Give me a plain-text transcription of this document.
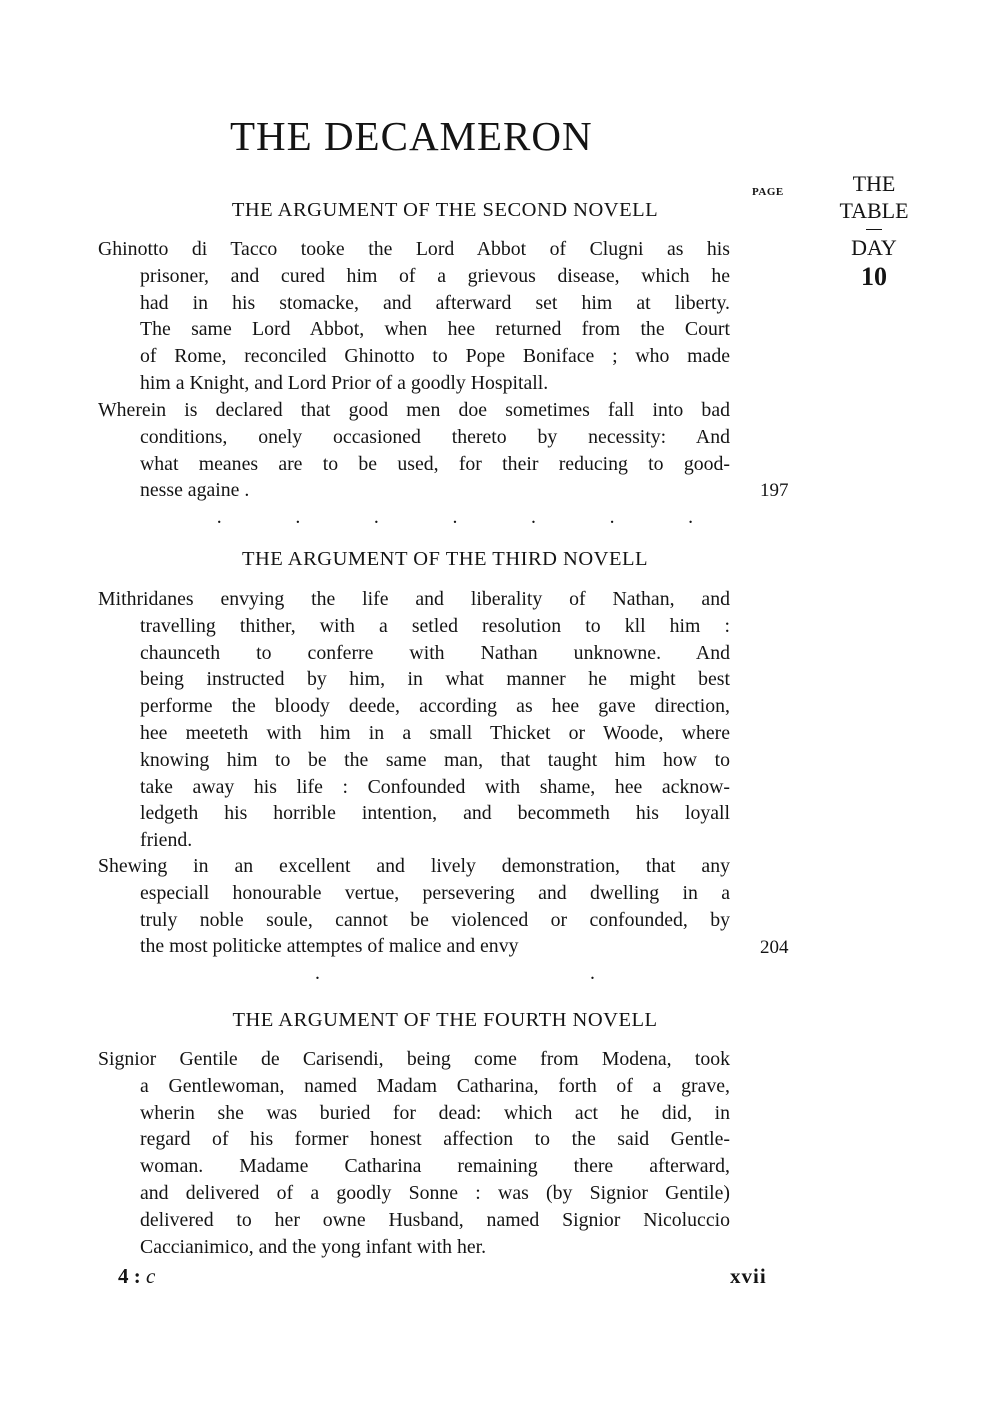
THE DECAMERON
PAGE	THE
TABLE
DAY
10
THE ARGUMENT OF THE SECOND NOVELL
Ghinotto di Tacco tooke the Lord Abbot of Clugni as his
prisoner, and cured him of a grievous disease, which he
had in his stomacke, and afterward set him at liberty.
The same Lord Abbot, when hee returned from the Court
of Rome, reconciled Ghinotto to Pope Boniface ; who made
him a Knight, and Lord Prior of a goodly Hospitall.
Wherein is declared that good men doe sometimes fall into bad
conditions, onely occasioned thereto by necessity: And
what meanes are to be used, for their reducing to good-
nesse againe .
.	.	.	.	.	.	.
197
THE ARGUMENT OF THE THIRD NOVELL
Mithridanes envying the life and liberality of Nathan, and
travelling thither, with a setled resolution to kll him :
chaunceth to conferre with Nathan unknowne. And
being instructed by him, in what manner he might best
performe the bloody deede, according as hee gave direction,
hee meeteth with him in a small Thicket or Woode, where
knowing him to be the same man, that taught him how to
take away his life : Confounded with shame, hee acknow-
ledgeth his horrible intention, and becommeth his loyall
friend.
Shewing in an excellent and lively demonstration, that any
especiall honourable vertue, persevering and dwelling in a
truly noble soule, cannot be violenced or confounded, by
the most politicke attemptes of malice and envy
.	.
204
THE ARGUMENT OF THE FOURTH NOVELL
Signior Gentile de Carisendi, being come from Modena, took
a Gentlewoman, named Madam Catharina, forth of a grave,
wherin she was buried for dead: which act he did, in
regard of his former honest affection to the said Gentle-
woman. Madame Catharina remaining there afterward,
and delivered of a goodly Sonne : was (by Signior Gentile)
delivered to her owne Husband, named Signior Nicoluccio
Caccianimico, and the yong infant with her.
4 : c	xvii
